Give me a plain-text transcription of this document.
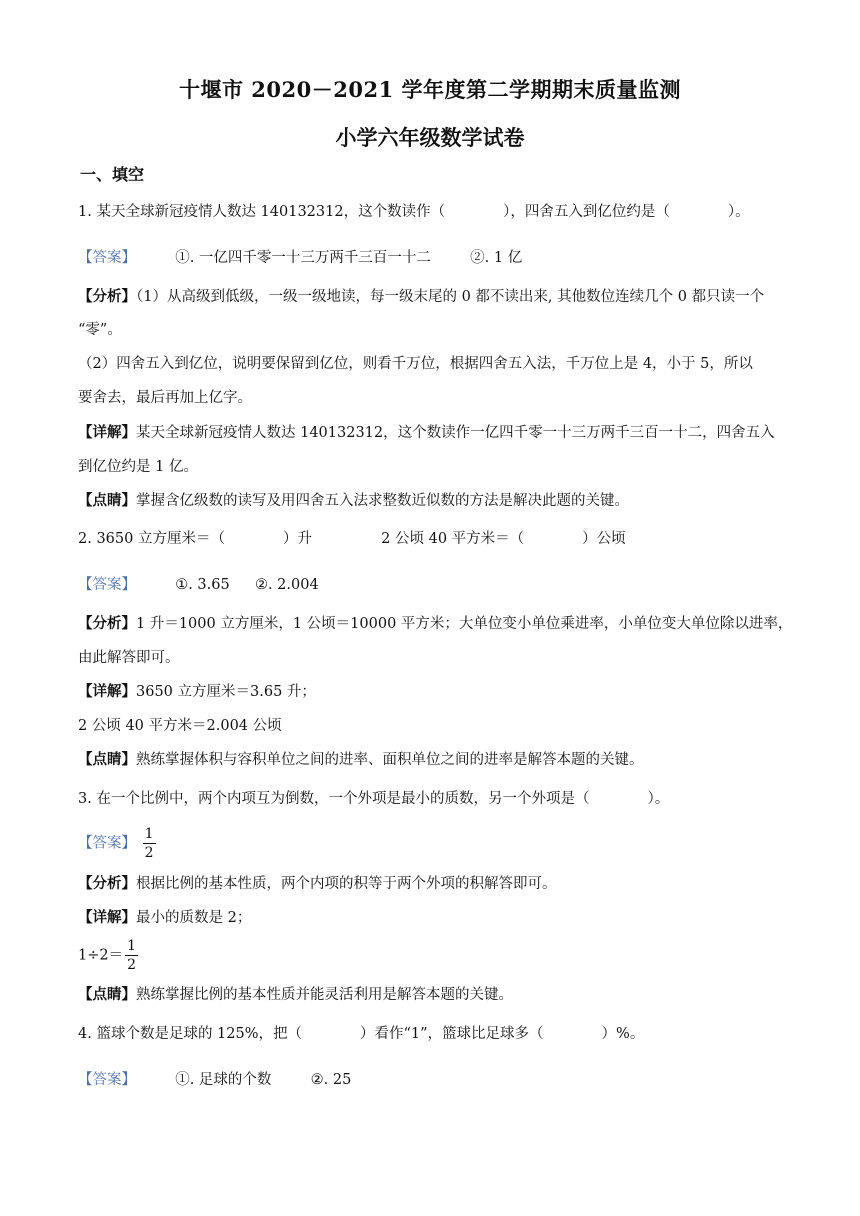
十堰市 2020－2021 学年度第二学期期末质量监测
小学六年级数学试卷
一、填空
1. 某天全球新冠疫情人数达 140132312，这个数读作（　　　　），四舍五入到亿位约是（　　　　）。
【答案】	①. 一亿四千零一十三万两千三百一十二	②. 1 亿
【分析】（1）从高级到低级，一级一级地读，每一级末尾的 0 都不读出来, 其他数位连续几个 0 都只读一个
“零”。
（2）四舍五入到亿位，说明要保留到亿位，则看千万位，根据四舍五入法，千万位上是 4，小于 5，所以
要舍去，最后再加上亿字。
【详解】某天全球新冠疫情人数达 140132312，这个数读作一亿四千零一十三万两千三百一十二，四舍五入
到亿位约是 1 亿。
【点睛】掌握含亿级数的读写及用四舍五入法求整数近似数的方法是解决此题的关键。
2. 3650 立方厘米＝（　　　　）升	2 公顷 40 平方米＝（　　　　）公顷
【答案】	①. 3.65 ②. 2.004
【分析】1 升＝1000 立方厘米，1 公顷＝10000 平方米；大单位变小单位乘进率，小单位变大单位除以进率，
由此解答即可。
【详解】3650 立方厘米＝3.65 升；
2 公顷 40 平方米＝2.004 公顷
【点睛】熟练掌握体积与容积单位之间的进率、面积单位之间的进率是解答本题的关键。
3. 在一个比例中，两个内项互为倒数，一个外项是最小的质数，另一个外项是（　　　　）。
【答案】 $\frac{1}{2}$
【分析】根据比例的基本性质，两个内项的积等于两个外项的积解答即可。
【详解】最小的质数是 2；
$1\div 2= \frac{1}{2}$
【点睛】熟练掌握比例的基本性质并能灵活利用是解答本题的关键。
4. 篮球个数是足球的 125%，把（　　　　）看作“1”，篮球比足球多（　　　　）%。
【答案】	①. 足球的个数	②. 25
